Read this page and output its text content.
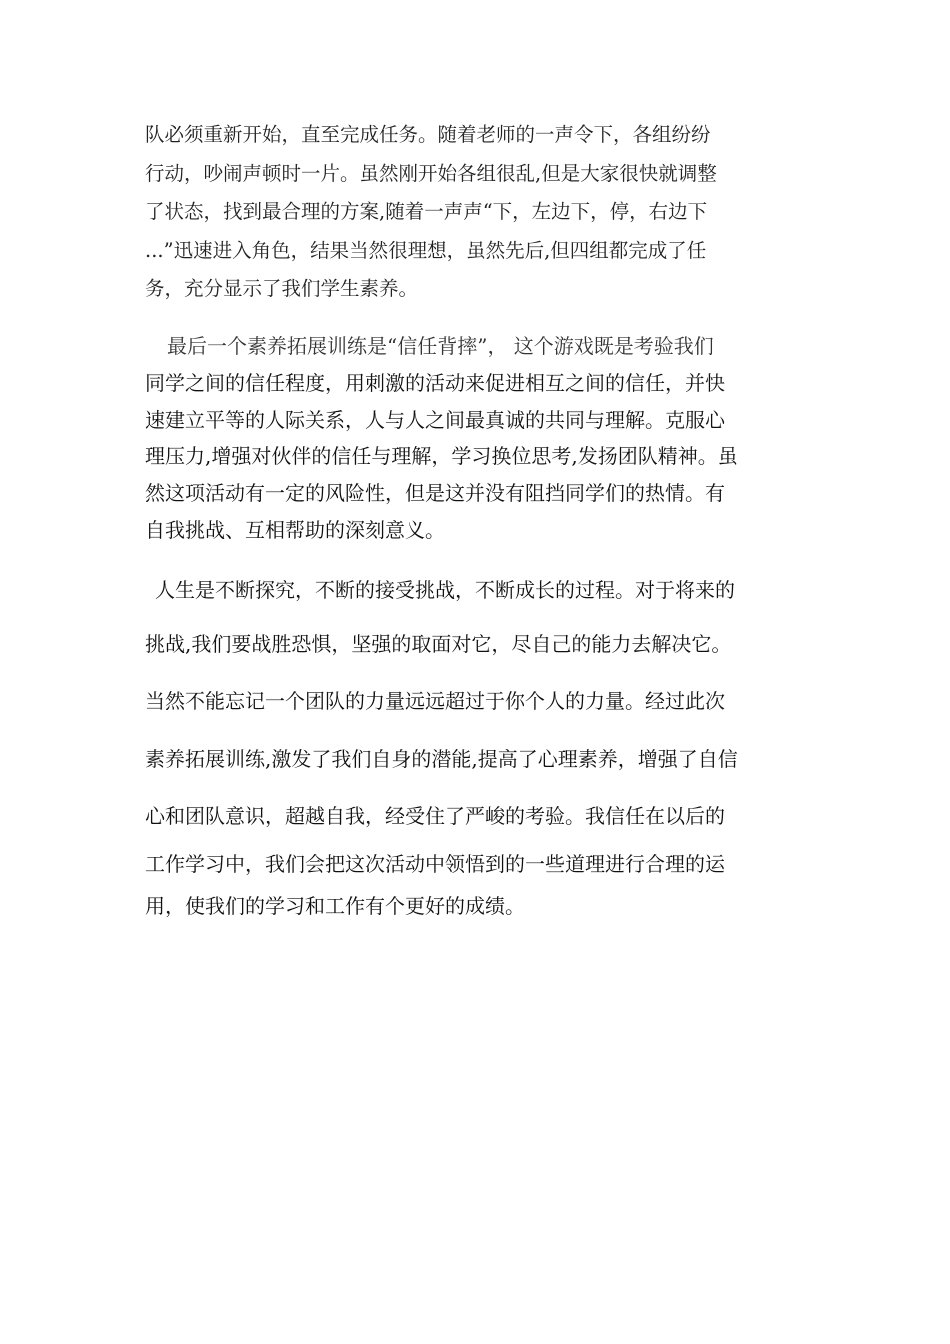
队必须重新开始，直至完成任务。随着老师的一声令下，各组纷纷
行动，吵闹声顿时一片。虽然刚开始各组很乱,但是大家很快就调整
了状态，找到最合理的方案,随着一声声“下，左边下，停，右边下
...”迅速进入角色，结果当然很理想，虽然先后,但四组都完成了任
务，充分显示了我们学生素养。
最后一个素养拓展训练是“信任背摔”， 这个游戏既是考验我们
同学之间的信任程度，用刺激的活动来促进相互之间的信任，并快
速建立平等的人际关系，人与人之间最真诚的共同与理解。克服心
理压力,增强对伙伴的信任与理解，学习换位思考,发扬团队精神。虽
然这项活动有一定的风险性，但是这并没有阻挡同学们的热情。有
自我挑战、互相帮助的深刻意义。
人生是不断探究，不断的接受挑战，不断成长的过程。对于将来的
挑战,我们要战胜恐惧，坚强的取面对它，尽自己的能力去解决它。
当然不能忘记一个团队的力量远远超过于你个人的力量。经过此次
素养拓展训练,激发了我们自身的潜能,提高了心理素养，增强了自信
心和团队意识，超越自我，经受住了严峻的考验。我信任在以后的
工作学习中，我们会把这次活动中领悟到的一些道理进行合理的运
用，使我们的学习和工作有个更好的成绩。
